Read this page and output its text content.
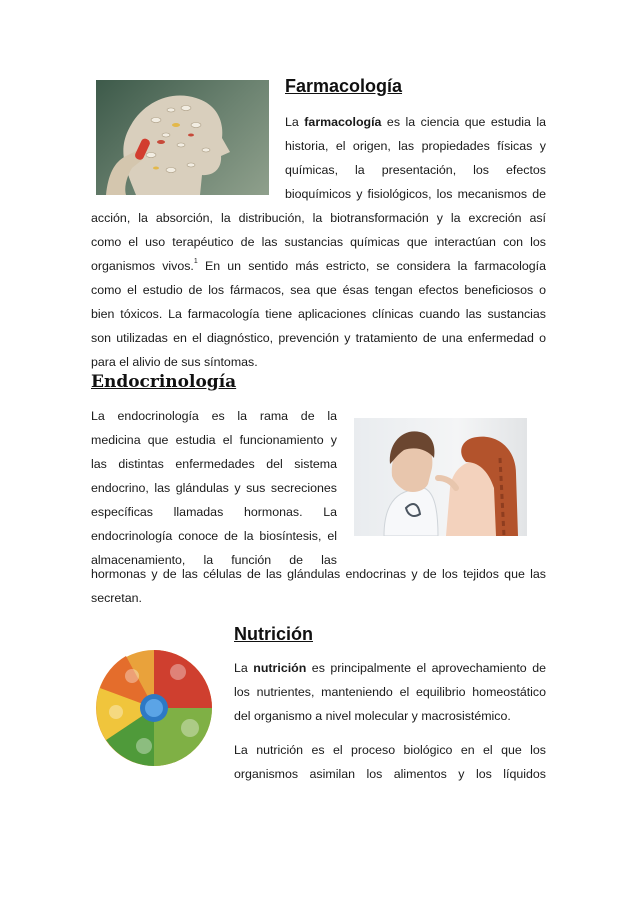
Farmacología
La farmacología es la ciencia que estudia la
historia, el origen, las propiedades físicas y
químicas, la presentación, los efectos
bioquímicos y fisiológicos, los mecanismos de
acción, la absorción, la distribución, la biotransformación y la excreción así
como el uso terapéutico de las sustancias químicas que interactúan con los
organismos vivos.$^1$ En un sentido más estricto, se considera la farmacología
como el estudio de los fármacos, sea que ésas tengan efectos beneficiosos o
bien tóxicos. La farmacología tiene aplicaciones clínicas cuando las sustancias
son utilizadas en el diagnóstico, prevención y tratamiento de una enfermedad o
para el alivio de sus síntomas.
Endocrinología
La endocrinología es la rama de la
medicina que estudia el funcionamiento y
las distintas enfermedades del sistema
endocrino, las glándulas y sus secreciones
específicas llamadas hormonas. La
endocrinología conoce de la biosíntesis, el
almacenamiento, la función de las
hormonas y de las células de las glándulas endocrinas y de los tejidos que las
secretan.
Nutrición
La nutrición es principalmente el aprovechamiento de
los nutrientes, manteniendo el equilibrio homeostático
del organismo a nivel molecular y macrosistémico.
La nutrición es el proceso biológico en el que los
organismos asimilan los alimentos y los líquidos
